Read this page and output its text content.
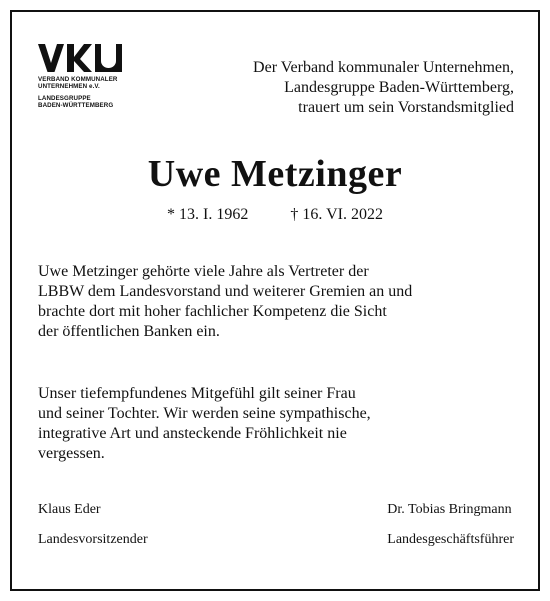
VERBAND KOMMUNALER
UNTERNEHMEN e.V.
LANDESGRUPPE
BADEN-WÜRTTEMBERG
Der Verband kommunaler Unternehmen,
Landesgruppe Baden-Württemberg,
trauert um sein Vorstandsmitglied
Uwe Metzinger
* 13. I. 1962	† 16. VI. 2022
Uwe Metzinger gehörte viele Jahre als Vertreter der
LBBW dem Landesvorstand und weiterer Gremien an und
brachte dort mit hoher fachlicher Kompetenz die Sicht
der öffentlichen Banken ein.
Unser tiefempfundenes Mitgefühl gilt seiner Frau
und seiner Tochter. Wir werden seine sympathische,
integrative Art und ansteckende Fröhlichkeit nie
vergessen.
Klaus Eder
Landesvorsitzender
Dr. Tobias Bringmann
Landesgeschäftsführer
